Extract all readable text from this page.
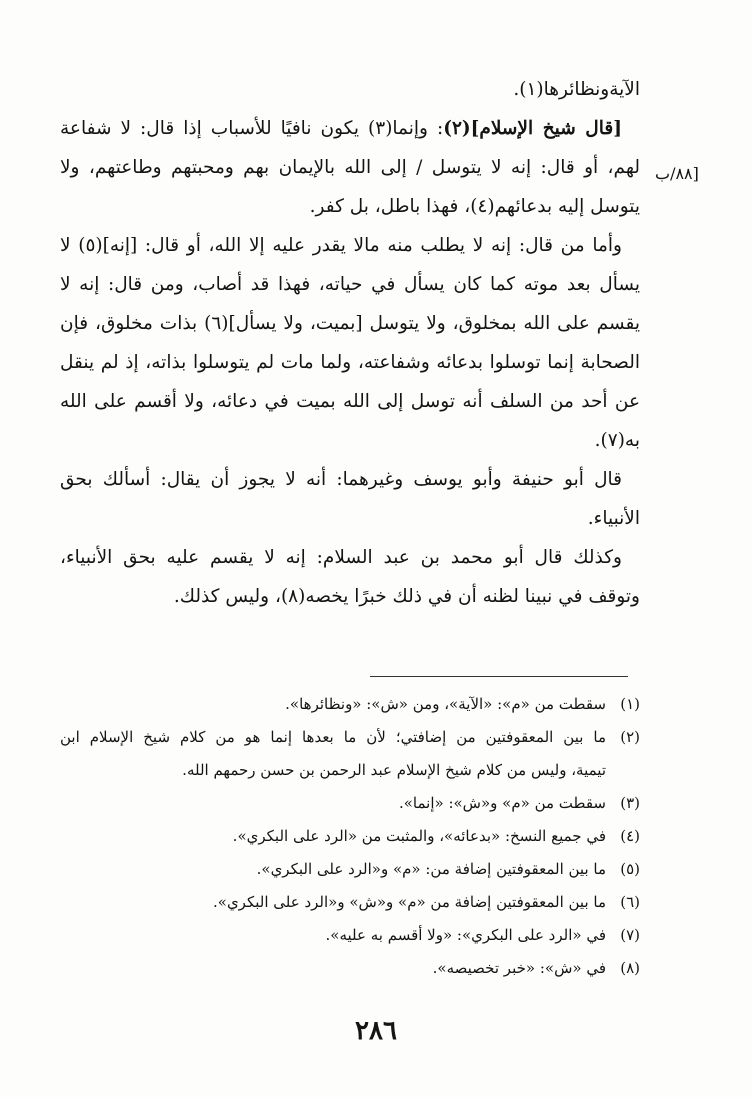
[٨٨/ب
الآيةونظائرها(١).
[قال شيخ الإسلام](٢): وإنما(٣) يكون نافيًا للأسباب إذا قال: لا شفاعة
لهم، أو قال: إنه لا يتوسل / إلى الله بالإيمان بهم ومحبتهم وطاعتهم، ولا
يتوسل إليه بدعائهم(٤)، فهذا باطل، بل كفر.
وأما من قال: إنه لا يطلب منه مالا يقدر عليه إلا الله، أو قال: [إنه](٥) لا
يسأل بعد موته كما كان يسأل في حياته، فهذا قد أصاب، ومن قال: إنه لا
يقسم على الله بمخلوق، ولا يتوسل [بميت، ولا يسأل](٦) بذات مخلوق، فإن
الصحابة إنما توسلوا بدعائه وشفاعته، ولما مات لم يتوسلوا بذاته، إذ لم ينقل
عن أحد من السلف أنه توسل إلى الله بميت في دعائه، ولا أقسم على الله
به(٧).
قال أبو حنيفة وأبو يوسف وغيرهما: أنه لا يجوز أن يقال: أسألك بحق
الأنبياء.
وكذلك قال أبو محمد بن عبد السلام: إنه لا يقسم عليه بحق الأنبياء،
وتوقف في نبينا لظنه أن في ذلك خبرًا يخصه(٨)، وليس كذلك.
(١)
سقطت من «م»: «الآية»، ومن «ش»: «ونظائرها».
(٢)
ما بين المعقوفتين من إضافتي؛ لأن ما بعدها إنما هو من كلام شيخ الإسلام ابن
تيمية، وليس من كلام شيخ الإسلام عبد الرحمن بن حسن رحمهم الله.
(٣)
سقطت من «م» و«ش»: «إنما».
(٤)
في جميع النسخ: «بدعائه»، والمثبت من «الرد على البكري».
(٥)
ما بين المعقوفتين إضافة من: «م» و«الرد على البكري».
(٦)
ما بين المعقوفتين إضافة من «م» و«ش» و«الرد على البكري».
(٧)
في «الرد على البكري»: «ولا أقسم به عليه».
(٨)
في «ش»: «خبر تخصيصه».
٢٨٦
